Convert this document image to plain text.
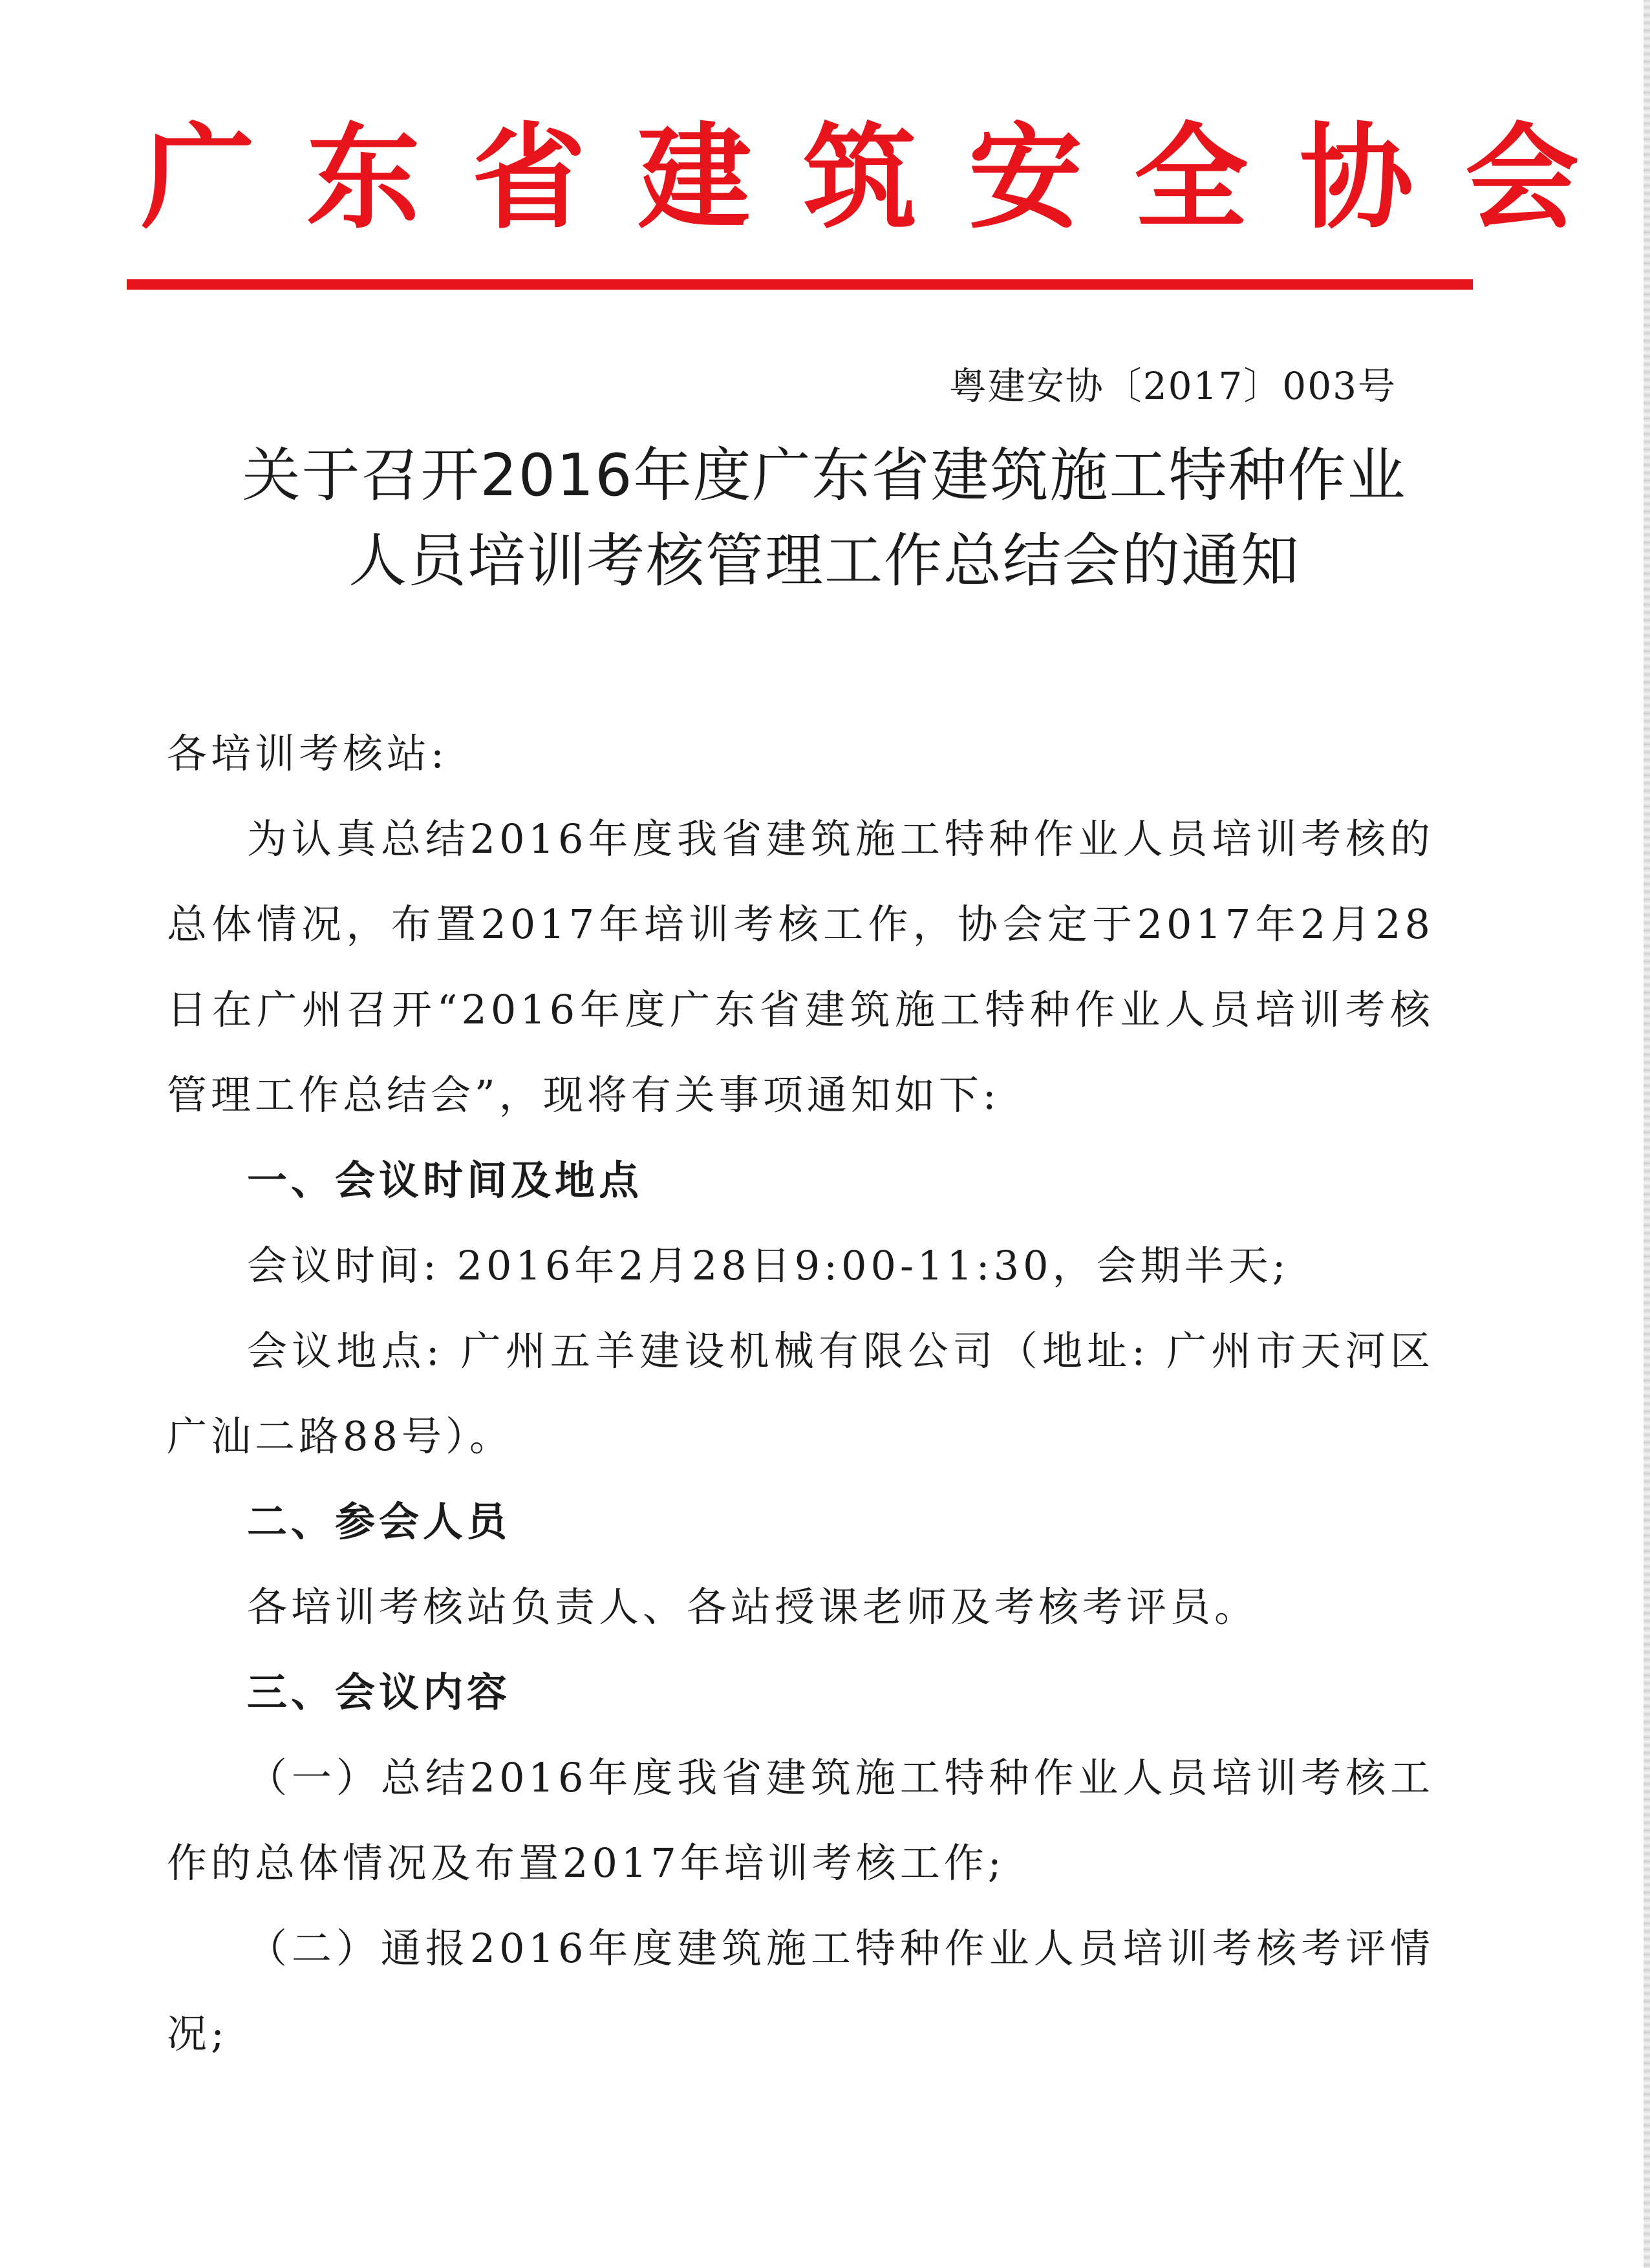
广东省建筑安全协会
粤建安协〔2017〕003号
关于召开2016年度广东省建筑施工特种作业
人员培训考核管理工作总结会的通知

各培训考核站:

为认真总结2016年度我省建筑施工特种作业人员培训考核的总体情况，布置2017年培训考核工作，协会定于2017年2月28日在广州召开“2016年度广东省建筑施工特种作业人员培训考核管理工作总结会”，现将有关事项通知如下:

一、会议时间及地点

会议时间: 2016年2月28日9:00-11:30，会期半天;

会议地点: 广州五羊建设机械有限公司（地址: 广州市天河区广汕二路88号）。

二、参会人员

各培训考核站负责人、各站授课老师及考核考评员。

三、会议内容

（一）总结2016年度我省建筑施工特种作业人员培训考核工作的总体情况及布置2017年培训考核工作;

（二）通报2016年度建筑施工特种作业人员培训考核考评情况;
